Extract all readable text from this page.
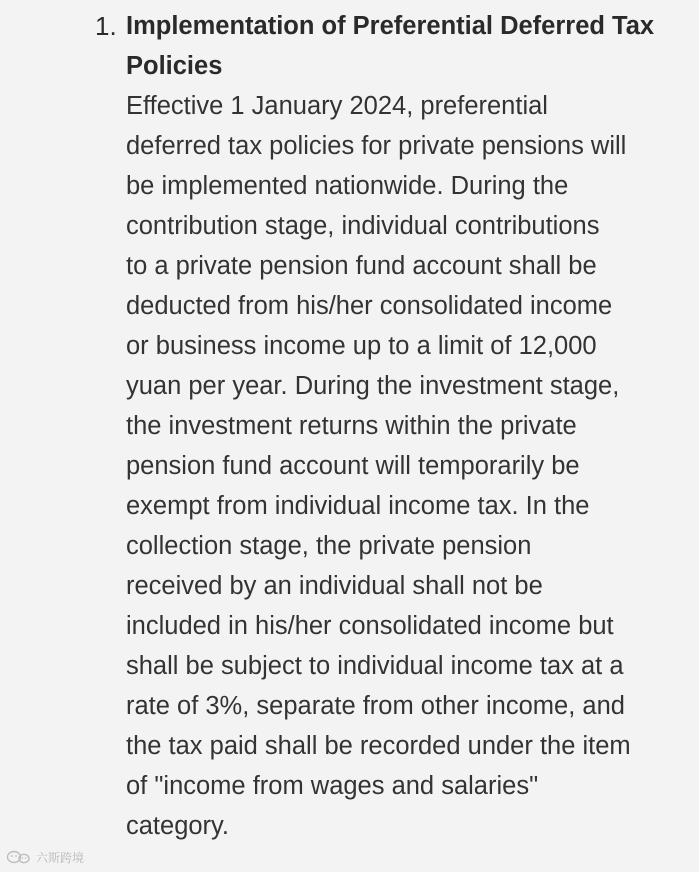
1. Implementation of Preferential Deferred Tax
Policies
Effective 1 January 2024, preferential
deferred tax policies for private pensions will
be implemented nationwide. During the
contribution stage, individual contributions
to a private pension fund account shall be
deducted from his/her consolidated income
or business income up to a limit of 12,000
yuan per year. During the investment stage,
the investment returns within the private
pension fund account will temporarily be
exempt from individual income tax. In the
collection stage, the private pension
received by an individual shall not be
included in his/her consolidated income but
shall be subject to individual income tax at a
rate of 3%, separate from other income, and
the tax paid shall be recorded under the item
of "income from wages and salaries"
category.
六斯跨境
